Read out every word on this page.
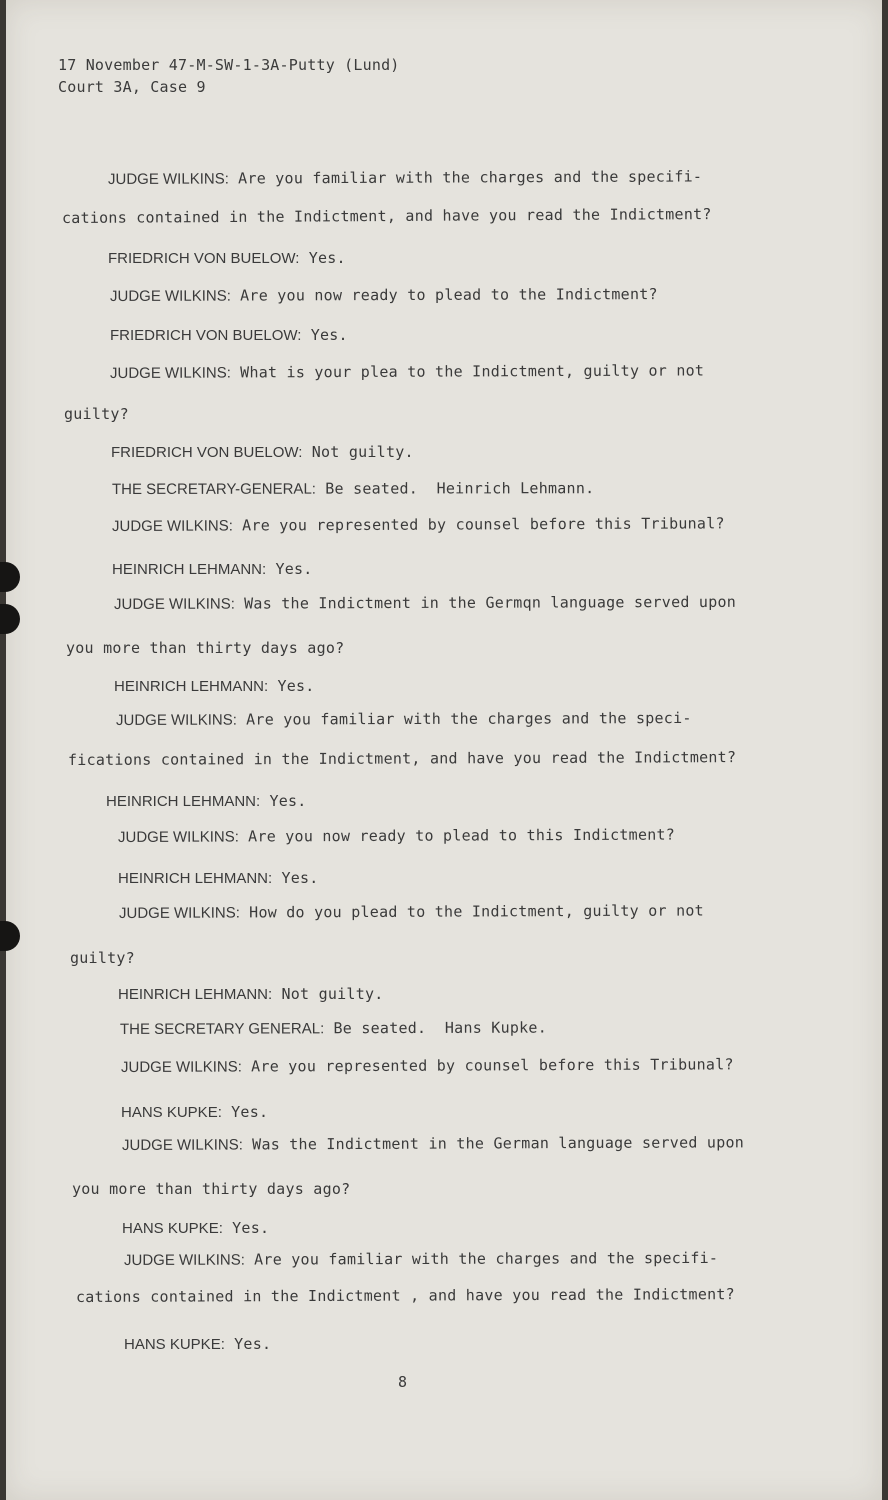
17 November 47-M-SW-1-3A-Putty (Lund)
Court 3A, Case 9
JUDGE WILKINS: Are you familiar with the charges and the specifi-
cations contained in the Indictment, and have you read the Indictment?
FRIEDRICH VON BUELOW: Yes.
JUDGE WILKINS: Are you now ready to plead to the Indictment?
FRIEDRICH VON BUELOW: Yes.
JUDGE WILKINS: What is your plea to the Indictment, guilty or not
guilty?
FRIEDRICH VON BUELOW: Not guilty.
THE SECRETARY-GENERAL: Be seated.  Heinrich Lehmann.
JUDGE WILKINS: Are you represented by counsel before this Tribunal?
HEINRICH LEHMANN: Yes.
JUDGE WILKINS: Was the Indictment in the Germqn language served upon
you more than thirty days ago?
HEINRICH LEHMANN: Yes.
JUDGE WILKINS: Are you familiar with the charges and the speci-
fications contained in the Indictment, and have you read the Indictment?
HEINRICH LEHMANN: Yes.
JUDGE WILKINS: Are you now ready to plead to this Indictment?
HEINRICH LEHMANN: Yes.
JUDGE WILKINS: How do you plead to the Indictment, guilty or not
guilty?
HEINRICH LEHMANN: Not guilty.
THE SECRETARY GENERAL: Be seated.  Hans Kupke.
JUDGE WILKINS: Are you represented by counsel before this Tribunal?
HANS KUPKE: Yes.
JUDGE WILKINS: Was the Indictment in the German language served upon
you more than thirty days ago?
HANS KUPKE: Yes.
JUDGE WILKINS: Are you familiar with the charges and the specifi-
cations contained in the Indictment , and have you read the Indictment?
HANS KUPKE: Yes.
8
